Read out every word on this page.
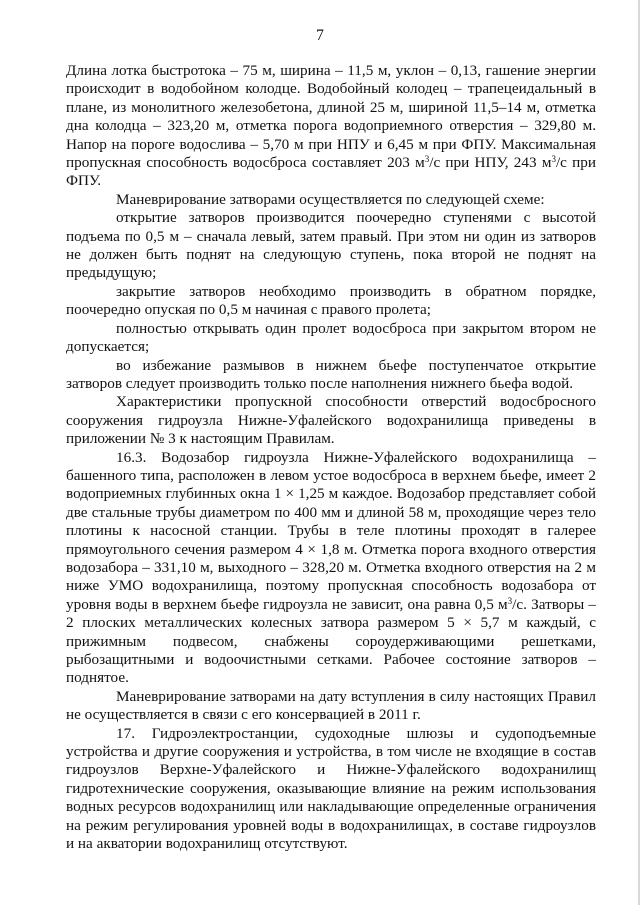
7

Длина лотка быстротока – 75 м, ширина – 11,5 м, уклон – 0,13, гашение энергии происходит в водобойном колодце. Водобойный колодец – трапецеидальный в плане, из монолитного железобетона, длиной 25 м, шириной 11,5–14 м, отметка дна колодца – 323,20 м, отметка порога водоприемного отверстия – 329,80 м. Напор на пороге водослива – 5,70 м при НПУ и 6,45 м при ФПУ. Максимальная пропускная способность водосброса составляет 203 $м^3/с$ при НПУ, 243 $м^3/с$ при ФПУ.

Маневрирование затворами осуществляется по следующей схеме:

открытие затворов производится поочередно ступенями с высотой подъема по 0,5 м – сначала левый, затем правый. При этом ни один из затворов не должен быть поднят на следующую ступень, пока второй не поднят на предыдущую;

закрытие затворов необходимо производить в обратном порядке, поочередно опуская по 0,5 м начиная с правого пролета;

полностью открывать один пролет водосброса при закрытом втором не допускается;

во избежание размывов в нижнем бьефе поступенчатое открытие затворов следует производить только после наполнения нижнего бьефа водой.

Характеристики пропускной способности отверстий водосбросного сооружения гидроузла Нижне-Уфалейского водохранилища приведены в приложении № 3 к настоящим Правилам.

16.3. Водозабор гидроузла Нижне-Уфалейского водохранилища – башенного типа, расположен в левом устое водосброса в верхнем бьефе, имеет 2 водоприемных глубинных окна 1 × 1,25 м каждое. Водозабор представляет собой две стальные трубы диаметром по 400 мм и длиной 58 м, проходящие через тело плотины к насосной станции. Трубы в теле плотины проходят в галерее прямоугольного сечения размером 4 × 1,8 м. Отметка порога входного отверстия водозабора – 331,10 м, выходного – 328,20 м. Отметка входного отверстия на 2 м ниже УМО водохранилища, поэтому пропускная способность водозабора от уровня воды в верхнем бьефе гидроузла не зависит, она равна 0,5 $м^3/с$. Затворы – 2 плоских металлических колесных затвора размером 5 × 5,7 м каждый, с прижимным подвесом, снабжены сороудерживающими решетками, рыбозащитными и водоочистными сетками. Рабочее состояние затворов – поднятое.

Маневрирование затворами на дату вступления в силу настоящих Правил не осуществляется в связи с его консервацией в 2011 г.

17. Гидроэлектростанции, судоходные шлюзы и судоподъемные устройства и другие сооружения и устройства, в том числе не входящие в состав гидроузлов Верхне-Уфалейского и Нижне-Уфалейского водохранилищ гидротехнические сооружения, оказывающие влияние на режим использования водных ресурсов водохранилищ или накладывающие определенные ограничения на режим регулирования уровней воды в водохранилищах, в составе гидроузлов и на акватории водохранилищ отсутствуют.
